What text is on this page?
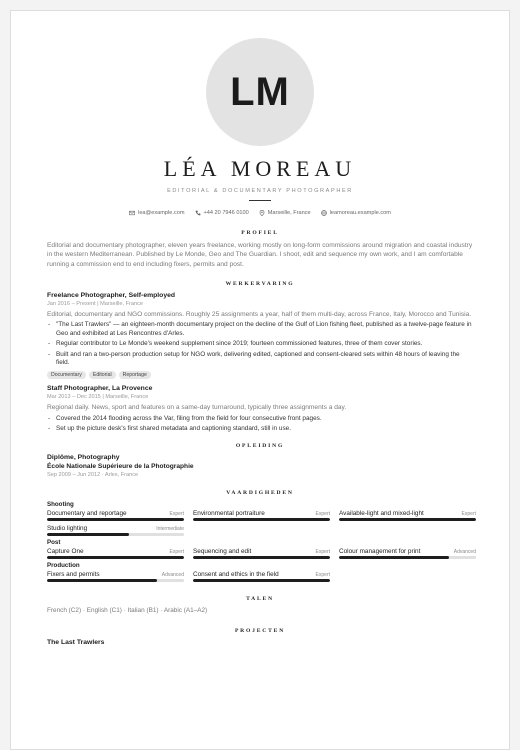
LM
LÉA MOREAU
EDITORIAL & DOCUMENTARY PHOTOGRAPHER
lea@example.com	+44 20 7946 0100	Marseille, France	leamoreau.example.com
PROFIEL
Editorial and documentary photographer, eleven years freelance, working mostly on long-form commissions around migration and coastal industry in the western Mediterranean. Published by Le Monde, Geo and The Guardian. I shoot, edit and sequence my own work, and I am comfortable running a commission end to end including fixers, permits and post.
WERKERVARING
Freelance Photographer, Self-employed
Jan 2016 – Present | Marseille, France
Editorial, documentary and NGO commissions. Roughly 25 assignments a year, half of them multi-day, across France, Italy, Morocco and Tunisia.
- "The Last Trawlers" — an eighteen-month documentary project on the decline of the Gulf of Lion fishing fleet, published as a twelve-page feature in Geo and exhibited at Les Rencontres d'Arles.
- Regular contributor to Le Monde's weekend supplement since 2019; fourteen commissioned features, three of them cover stories.
- Built and ran a two-person production setup for NGO work, delivering edited, captioned and consent-cleared sets within 48 hours of leaving the field.
Documentary	Editorial	Reportage
Staff Photographer, La Provence
Mar 2013 – Dec 2015 | Marseille, France
Regional daily. News, sport and features on a same-day turnaround, typically three assignments a day.
- Covered the 2014 flooding across the Var, filing from the field for four consecutive front pages.
- Set up the picture desk's first shared metadata and captioning standard, still in use.
OPLEIDING
Diplôme, Photography
École Nationale Supérieure de la Photographie
Sep 2009 – Jun 2012 · Arles, France
VAARDIGHEDEN
Shooting
Documentary and reportage	Expert Environmental portraiture	Expert Available-light and mixed-light	Expert
Studio lighting	Intermediate
Post
Capture One	Expert Sequencing and edit	Expert Colour management for print	Advanced
Production
Fixers and permits	Advanced Consent and ethics in the field	Expert
TALEN
French (C2) · English (C1) · Italian (B1) · Arabic (A1–A2)
PROJECTEN
The Last Trawlers
